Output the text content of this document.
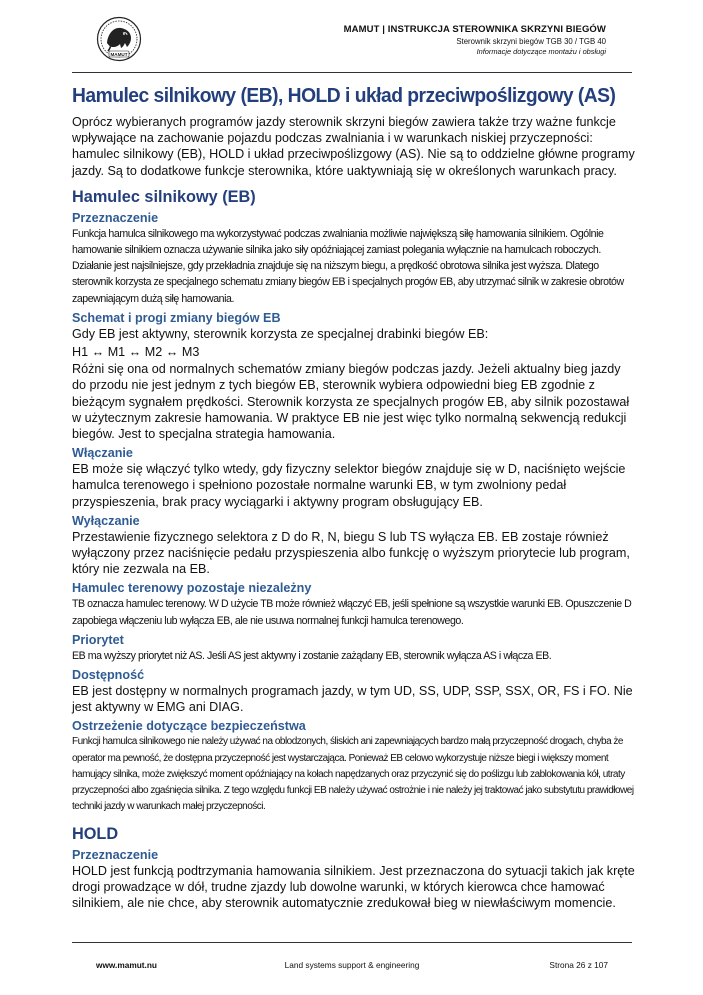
MAMUT
MAMUT | INSTRUKCJA STEROWNIKA SKRZYNI BIEGÓW
Sterownik skrzyni biegów TGB 30 / TGB 40
Informacje dotyczące montażu i obsługi
Hamulec silnikowy (EB), HOLD i układ przeciwpoślizgowy (AS)

Oprócz wybieranych programów jazdy sterownik skrzyni biegów zawiera także trzy ważne funkcje wpływające na zachowanie pojazdu podczas zwalniania i w warunkach niskiej przyczepności: hamulec silnikowy (EB), HOLD i układ przeciwpoślizgowy (AS). Nie są to oddzielne główne programy jazdy. Są to dodatkowe funkcje sterownika, które uaktywniają się w określonych warunkach pracy.

Hamulec silnikowy (EB)
Przeznaczenie

Funkcja hamulca silnikowego ma wykorzystywać podczas zwalniania możliwie największą siłę hamowania silnikiem. Ogólnie hamowanie silnikiem oznacza używanie silnika jako siły opóźniającej zamiast polegania wyłącznie na hamulcach roboczych. Działanie jest najsilniejsze, gdy przekładnia znajduje się na niższym biegu, a prędkość obrotowa silnika jest wyższa. Dlatego sterownik korzysta ze specjalnego schematu zmiany biegów EB i specjalnych progów EB, aby utrzymać silnik w zakresie obrotów zapewniającym dużą siłę hamowania.

Schemat i progi zmiany biegów EB

Gdy EB jest aktywny, sterownik korzysta ze specjalnej drabinki biegów EB:

H1 ↔ M1 ↔ M2 ↔ M3

Różni się ona od normalnych schematów zmiany biegów podczas jazdy. Jeżeli aktualny bieg jazdy do przodu nie jest jednym z tych biegów EB, sterownik wybiera odpowiedni bieg EB zgodnie z bieżącym sygnałem prędkości. Sterownik korzysta ze specjalnych progów EB, aby silnik pozostawał w użytecznym zakresie hamowania. W praktyce EB nie jest więc tylko normalną sekwencją redukcji biegów. Jest to specjalna strategia hamowania.

Włączanie

EB może się włączyć tylko wtedy, gdy fizyczny selektor biegów znajduje się w D, naciśnięto wejście hamulca terenowego i spełniono pozostałe normalne warunki EB, w tym zwolniony pedał przyspieszenia, brak pracy wyciągarki i aktywny program obsługujący EB.

Wyłączanie

Przestawienie fizycznego selektora z D do R, N, biegu S lub TS wyłącza EB. EB zostaje również wyłączony przez naciśnięcie pedału przyspieszenia albo funkcję o wyższym priorytecie lub program, który nie zezwala na EB.

Hamulec terenowy pozostaje niezależny

TB oznacza hamulec terenowy. W D użycie TB może również włączyć EB, jeśli spełnione są wszystkie warunki EB. Opuszczenie D zapobiega włączeniu lub wyłącza EB, ale nie usuwa normalnej funkcji hamulca terenowego.

Priorytet

EB ma wyższy priorytet niż AS. Jeśli AS jest aktywny i zostanie zażądany EB, sterownik wyłącza AS i włącza EB.

Dostępność

EB jest dostępny w normalnych programach jazdy, w tym UD, SS, UDP, SSP, SSX, OR, FS i FO. Nie jest aktywny w EMG ani DIAG.

Ostrzeżenie dotyczące bezpieczeństwa

Funkcji hamulca silnikowego nie należy używać na oblodzonych, śliskich ani zapewniających bardzo małą przyczepność drogach, chyba że operator ma pewność, że dostępna przyczepność jest wystarczająca. Ponieważ EB celowo wykorzystuje niższe biegi i większy moment hamujący silnika, może zwiększyć moment opóźniający na kołach napędzanych oraz przyczynić się do poślizgu lub zablokowania kół, utraty przyczepności albo zgaśnięcia silnika. Z tego względu funkcji EB należy używać ostrożnie i nie należy jej traktować jako substytutu prawidłowej techniki jazdy w warunkach małej przyczepności.

HOLD
Przeznaczenie

HOLD jest funkcją podtrzymania hamowania silnikiem. Jest przeznaczona do sytuacji takich jak kręte drogi prowadzące w dół, trudne zjazdy lub dowolne warunki, w których kierowca chce hamować silnikiem, ale nie chce, aby sterownik automatycznie zredukował bieg w niewłaściwym momencie.

Land systems support & engineering
www.mamut.nu	Strona 26 z 107
